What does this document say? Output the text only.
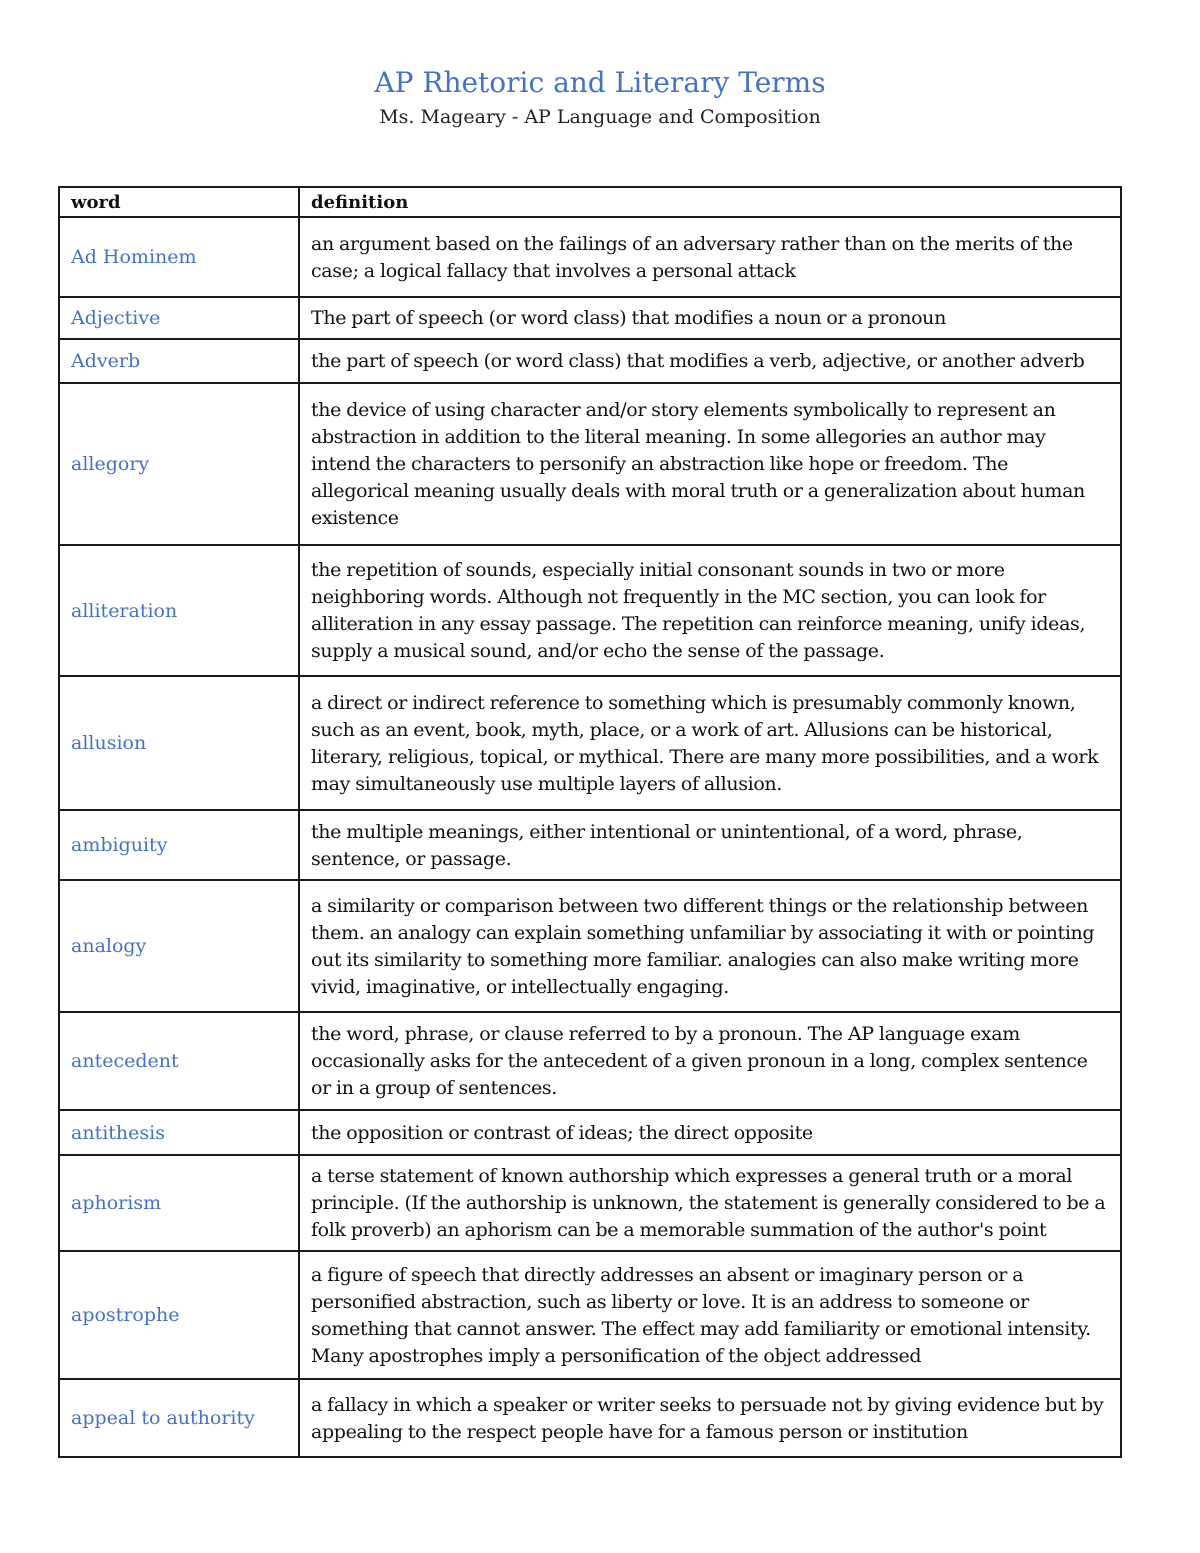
AP Rhetoric and Literary Terms
Ms. Mageary - AP Language and Composition
word	definition
Ad Hominem	an argument based on the failings of an adversary rather than on the merits of the case; a logical fallacy that involves a personal attack
Adjective	The part of speech (or word class) that modifies a noun or a pronoun
Adverb	the part of speech (or word class) that modifies a verb, adjective, or another adverb
allegory	the device of using character and/or story elements symbolically to represent an abstraction in addition to the literal meaning. In some allegories an author may intend the characters to personify an abstraction like hope or freedom. The allegorical meaning usually deals with moral truth or a generalization about human existence
alliteration	the repetition of sounds, especially initial consonant sounds in two or more neighboring words. Although not frequently in the MC section, you can look for alliteration in any essay passage. The repetition can reinforce meaning, unify ideas, supply a musical sound, and/or echo the sense of the passage.
allusion	a direct or indirect reference to something which is presumably commonly known, such as an event, book, myth, place, or a work of art. Allusions can be historical, literary, religious, topical, or mythical. There are many more possibilities, and a work may simultaneously use multiple layers of allusion.
ambiguity	the multiple meanings, either intentional or unintentional, of a word, phrase, sentence, or passage.
analogy	a similarity or comparison between two different things or the relationship between them. an analogy can explain something unfamiliar by associating it with or pointing out its similarity to something more familiar. analogies can also make writing more vivid, imaginative, or intellectually engaging.
antecedent	the word, phrase, or clause referred to by a pronoun. The AP language exam occasionally asks for the antecedent of a given pronoun in a long, complex sentence or in a group of sentences.
antithesis	the opposition or contrast of ideas; the direct opposite
aphorism	a terse statement of known authorship which expresses a general truth or a moral principle. (If the authorship is unknown, the statement is generally considered to be a folk proverb) an aphorism can be a memorable summation of the author's point
apostrophe	a figure of speech that directly addresses an absent or imaginary person or a personified abstraction, such as liberty or love. It is an address to someone or something that cannot answer. The effect may add familiarity or emotional intensity. Many apostrophes imply a personification of the object addressed
appeal to authority	a fallacy in which a speaker or writer seeks to persuade not by giving evidence but by appealing to the respect people have for a famous person or institution
